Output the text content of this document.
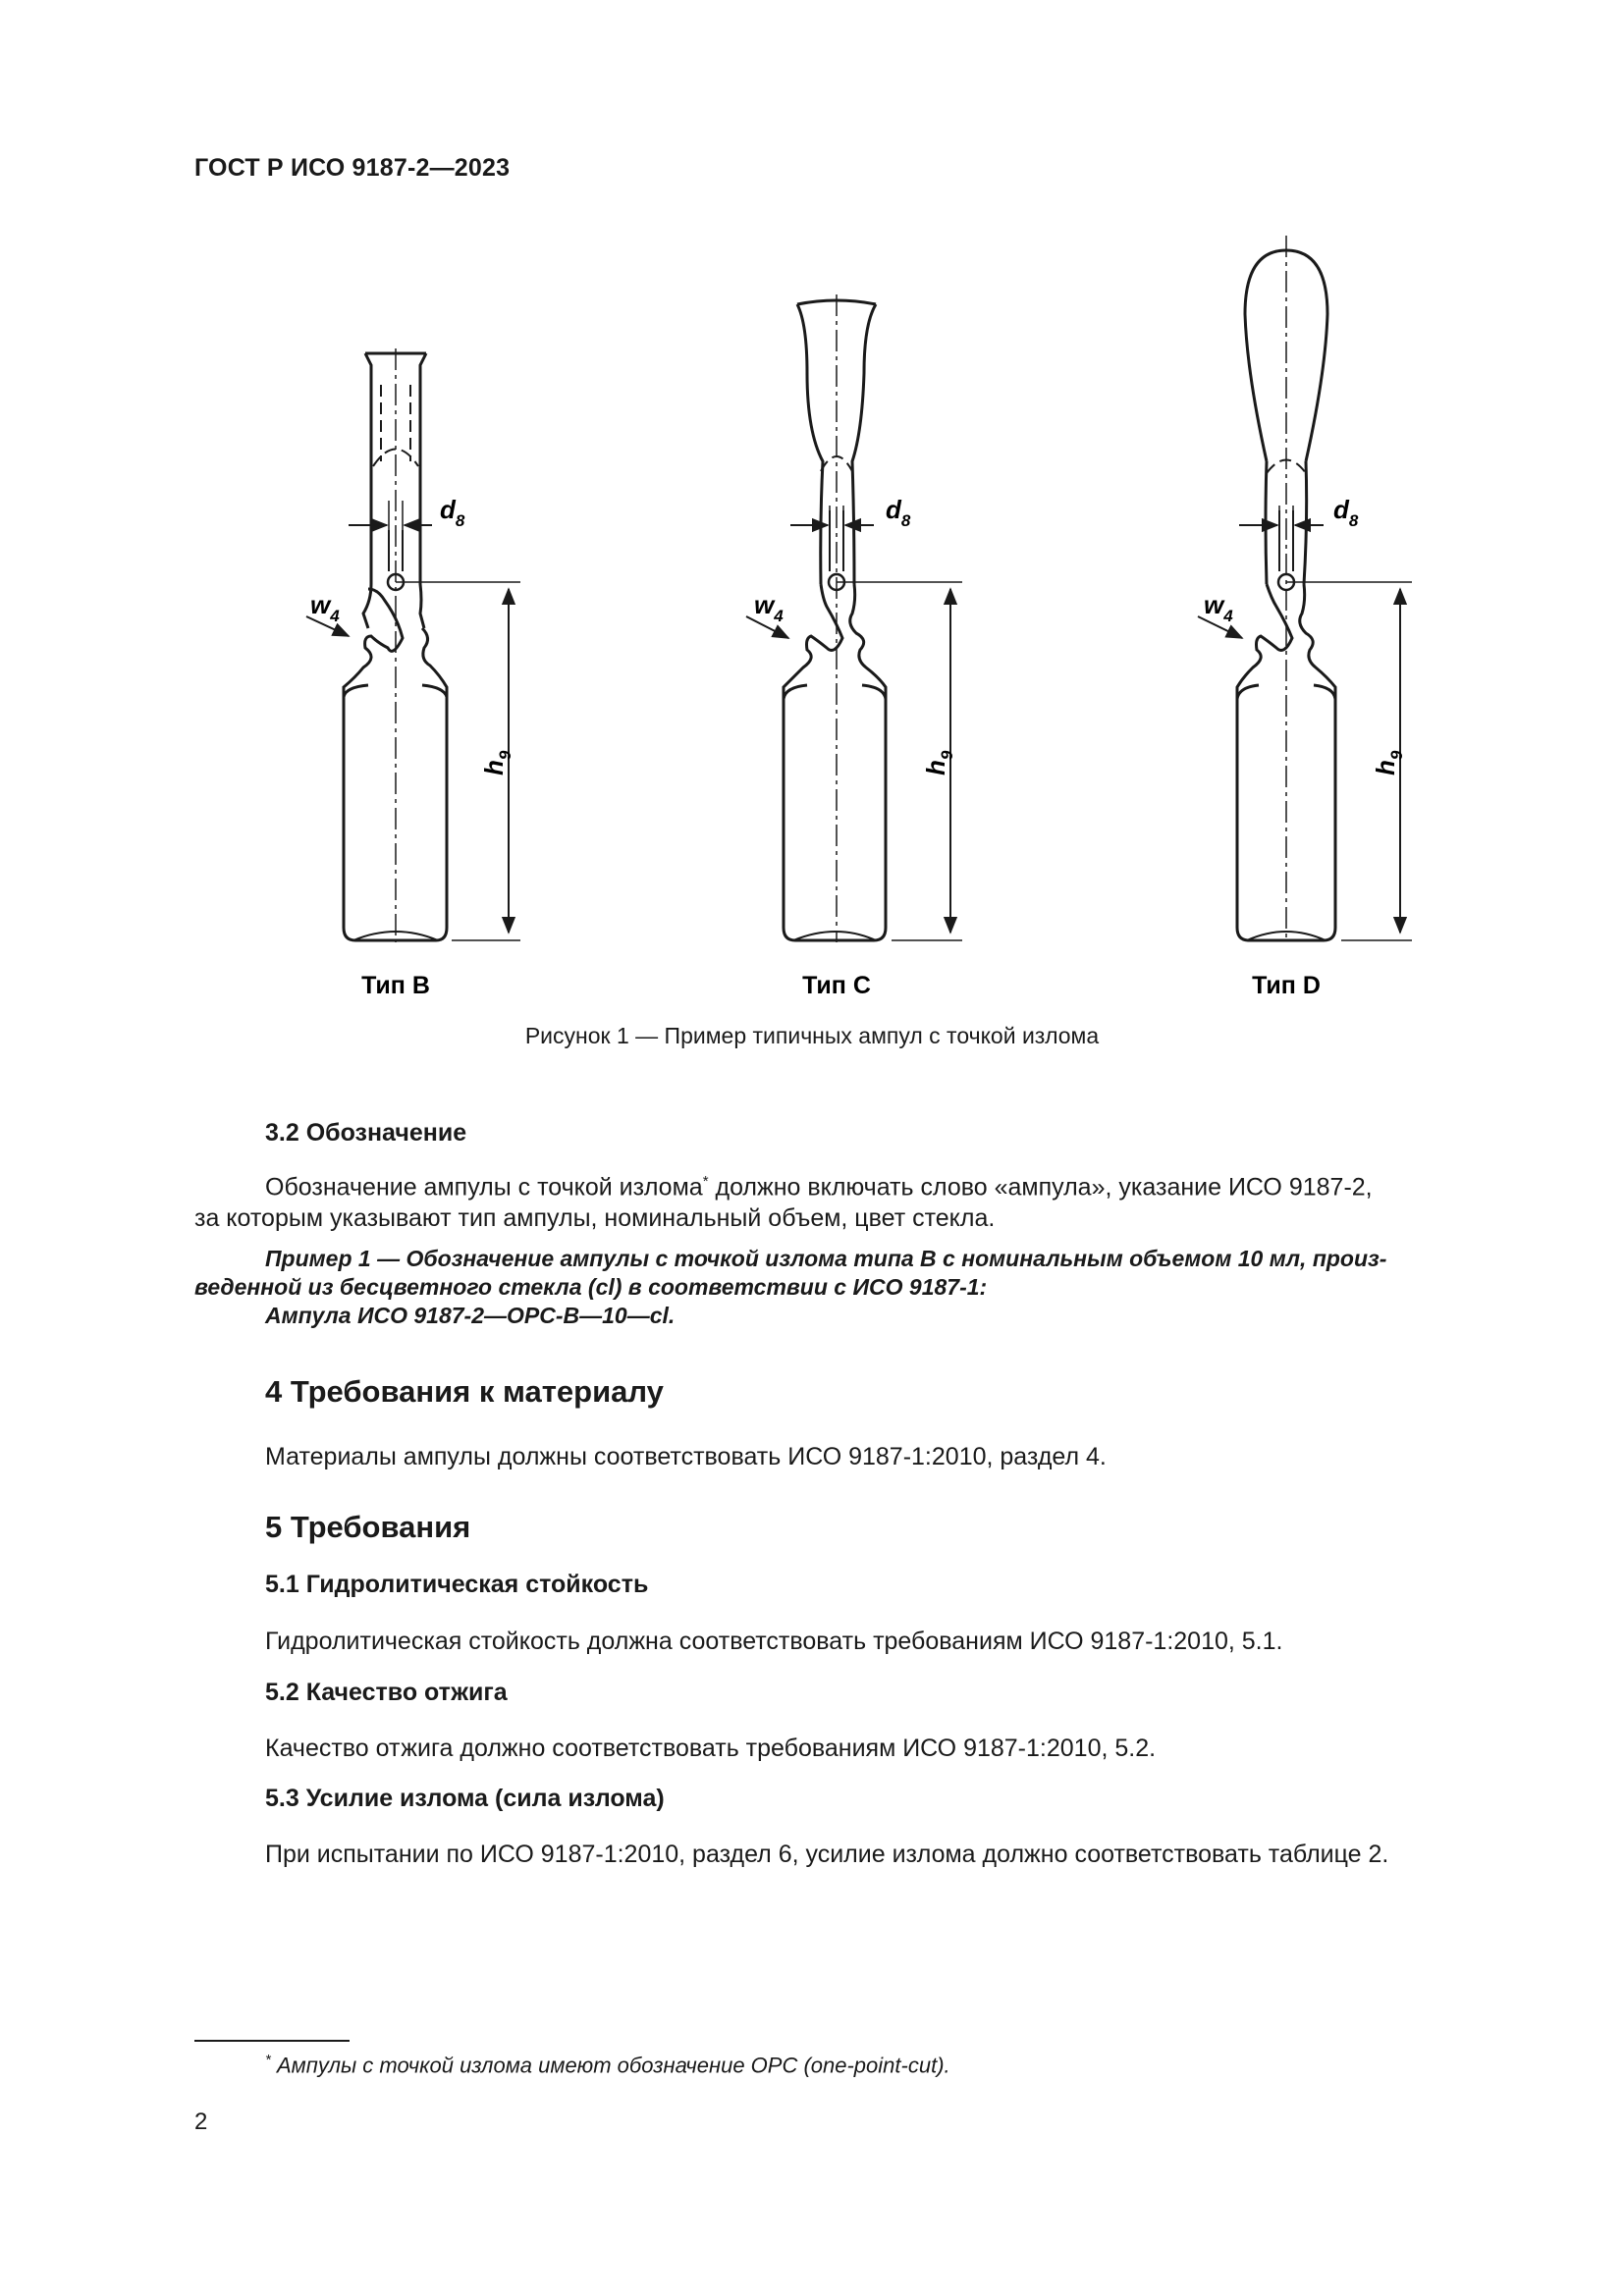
ГОСТ Р ИСО 9187-2—2023
$d_8$
$w_4$
$h_9$
Тип В
$d_8$
$w_4$
$h_9$
Тип С
$d_8$
$w_4$
$h_9$
Тип D
Рисунок 1 — Пример типичных ампул с точкой излома
3.2 Обозначение
Обозначение ампулы с точкой излома* должно включать слово «ампула», указание ИСО 9187-2,
за которым указывают тип ампулы, номинальный объем, цвет стекла.
Пример 1 — Обозначение ампулы с точкой излома типа В с номинальным объемом 10 мл, произ-
веденной из бесцветного стекла (cl) в соответствии с ИСО 9187-1:
Ампула ИСО 9187-2—ОРС-В—10—cl.
4 Требования к материалу
Материалы ампулы должны соответствовать ИСО 9187-1:2010, раздел 4.
5 Требования
5.1 Гидролитическая стойкость
Гидролитическая стойкость должна соответствовать требованиям ИСО 9187-1:2010, 5.1.
5.2 Качество отжига
Качество отжига должно соответствовать требованиям ИСО 9187-1:2010, 5.2.
5.3 Усилие излома (сила излома)
При испытании по ИСО 9187-1:2010, раздел 6, усилие излома должно соответствовать таблице 2.
* Ампулы с точкой излома имеют обозначение OPC (one-point-cut).
2
